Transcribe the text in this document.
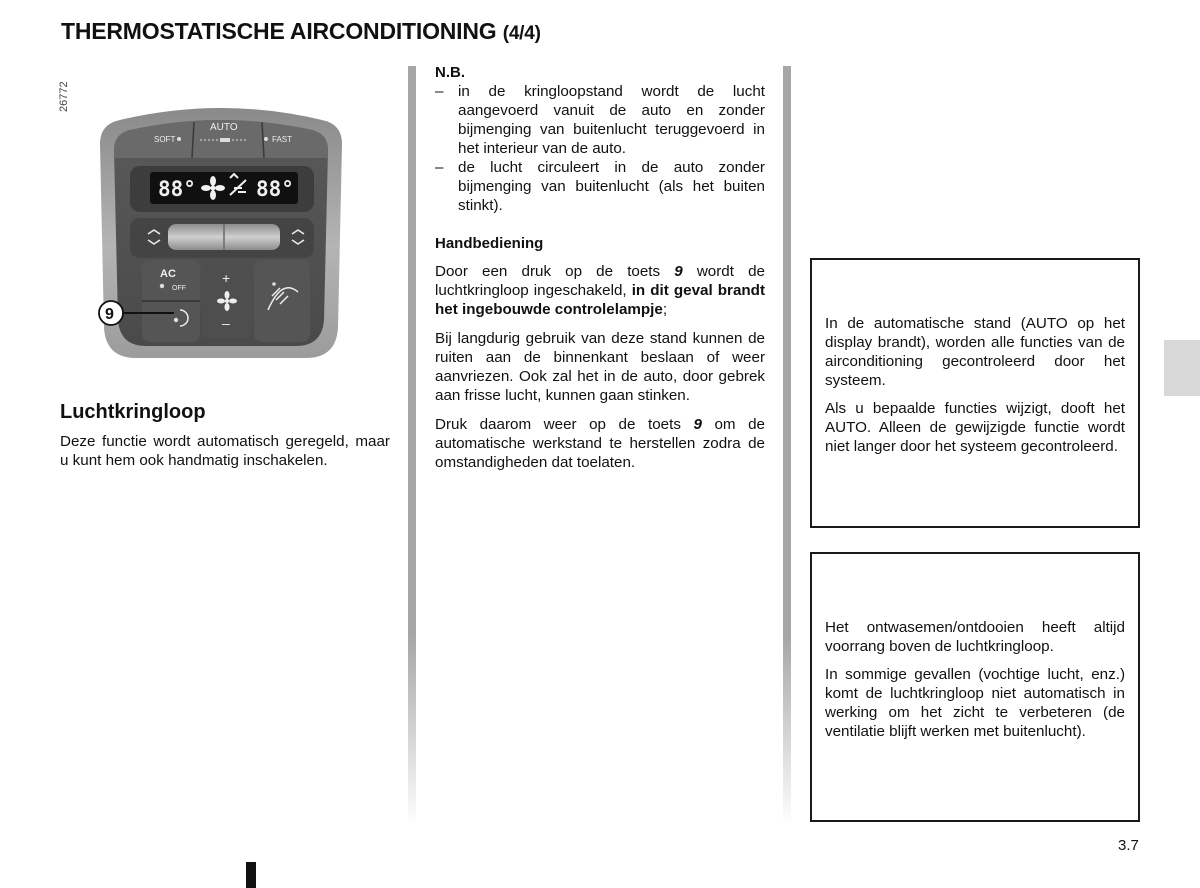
THERMOSTATISCHE AIRCONDITIONING (4/4)
26772
SOFT
AUTO
FAST
88°	88°
AC
OFF
+
–
9
Luchtkringloop

Deze functie wordt automatisch geregeld, maar u kunt hem ook handmatig inschakelen.

N.B.

– in de kringloopstand wordt de lucht aangevoerd vanuit de auto en zonder bijmenging van buitenlucht teruggevoerd in het interieur van de auto.
– de lucht circuleert in de auto zonder bijmenging van buitenlucht (als het buiten stinkt).

Handbediening

Door een druk op de toets 9 wordt de luchtkringloop ingeschakeld, in dit geval brandt het ingebouwde controlelampje;

Bij langdurig gebruik van deze stand kunnen de ruiten aan de binnenkant beslaan of weer aanvriezen. Ook zal het in de auto, door gebrek aan frisse lucht, kunnen gaan stinken.

Druk daarom weer op de toets 9 om de automatische werkstand te herstellen zodra de omstandigheden dat toelaten.

In de automatische stand (AUTO op het display brandt), worden alle functies van de airconditioning gecontroleerd door het systeem.

Als u bepaalde functies wijzigt, dooft het AUTO. Alleen de gewijzigde functie wordt niet langer door het systeem gecontroleerd.

Het ontwasemen/ontdooien heeft altijd voorrang boven de luchtkringloop.

In sommige gevallen (vochtige lucht, enz.) komt de luchtkringloop niet automatisch in werking om het zicht te verbeteren (de ventilatie blijft werken met buitenlucht).

3.7
